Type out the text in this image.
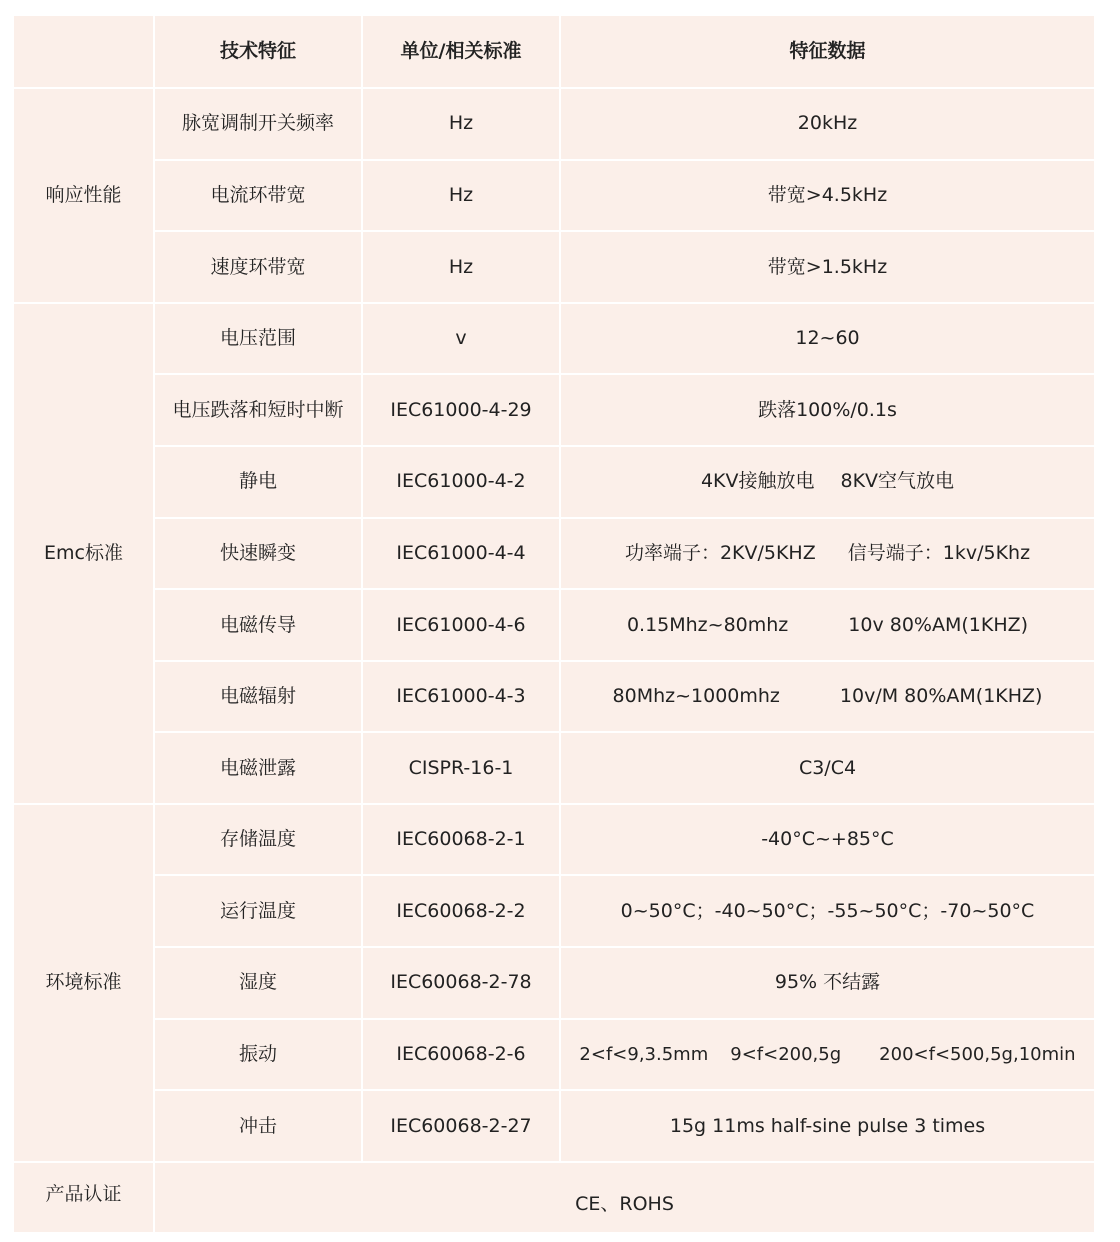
	技术特征	单位/相关标准	特征数据
响应性能	脉宽调制开关频率	Hz	20kHz
	电流环带宽	Hz	带宽>4.5kHz
	速度环带宽	Hz	带宽>1.5kHz
Emc标准	电压范围	v	12~60
	电压跌落和短时中断	IEC61000-4-29	跌落100%/0.1s
	静电	IEC61000-4-2	4KV接触放电 8KV空气放电
	快速瞬变	IEC61000-4-4	功率端子：2KV/5KHZ 信号端子：1kv/5Khz
	电磁传导	IEC61000-4-6	0.15Mhz~80mhz 10v 80%AM(1KHZ)
	电磁辐射	IEC61000-4-3	80Mhz~1000mhz 10v/M 80%AM(1KHZ)
	电磁泄露	CISPR-16-1	C3/C4
环境标准	存储温度	IEC60068-2-1	-40°C~+85°C
	运行温度	IEC60068-2-2	0~50°C；-40~50°C；-55~50°C；-70~50°C
	湿度	IEC60068-2-78	95% 不结露
	振动	IEC60068-2-6	2<f<9,3.5mm 9<f<200,5g 200<f<500,5g,10min
	冲击	IEC60068-2-27	15g 11ms half-sine pulse 3 times
产品认证	CE、ROHS		
